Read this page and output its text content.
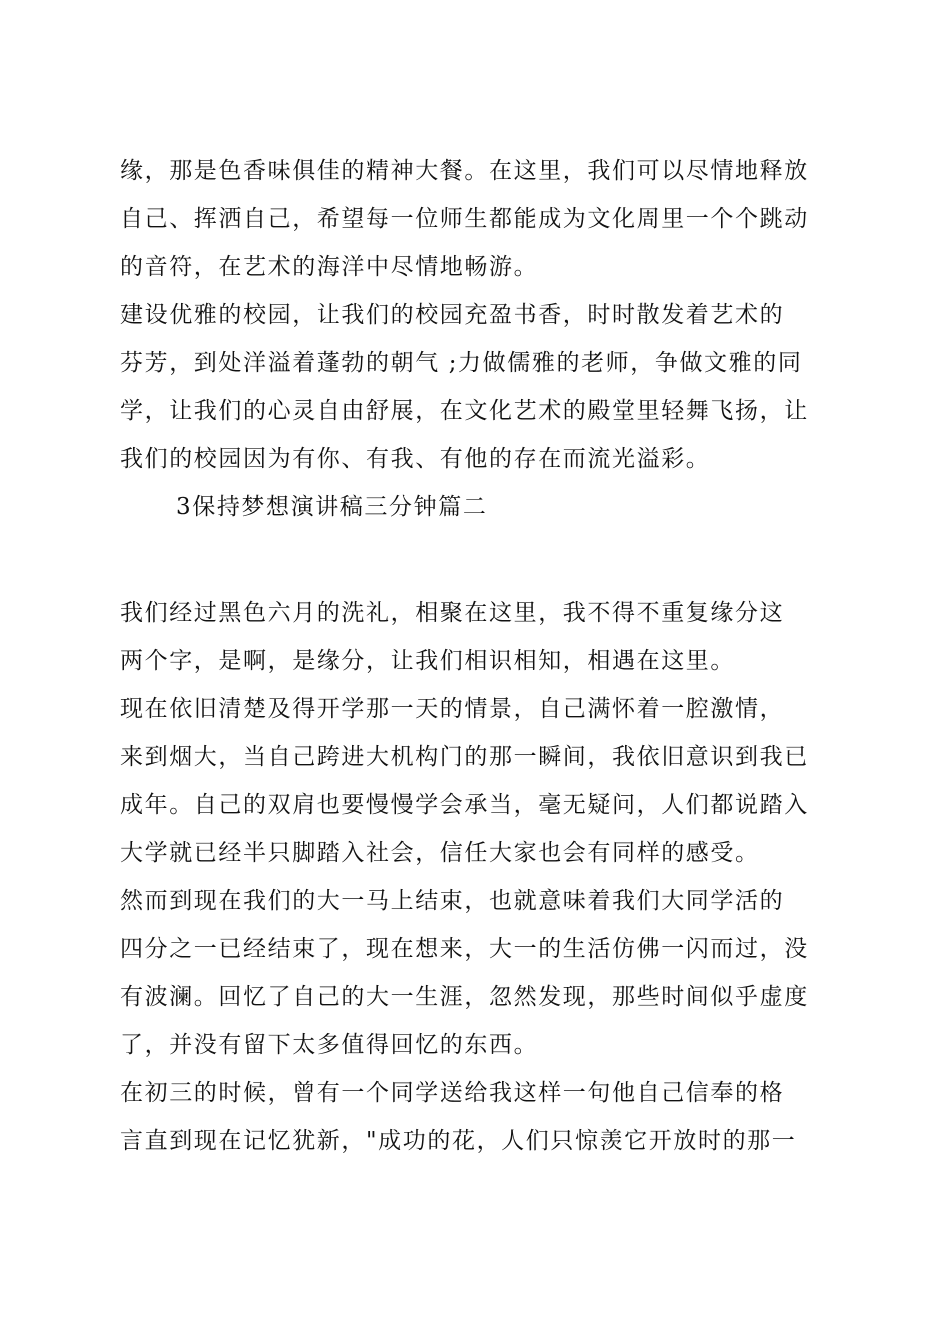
缘，那是色香味俱佳的精神大餐。在这里，我们可以尽情地释放
自己、挥洒自己，希望每一位师生都能成为文化周里一个个跳动
的音符，在艺术的海洋中尽情地畅游。
建设优雅的校园，让我们的校园充盈书香，时时散发着艺术的
芬芳，到处洋溢着蓬勃的朝气 ;力做儒雅的老师，争做文雅的同
学，让我们的心灵自由舒展，在文化艺术的殿堂里轻舞飞扬，让
我们的校园因为有你、有我、有他的存在而流光溢彩。
3保持梦想演讲稿三分钟篇二
我们经过黑色六月的洗礼，相聚在这里，我不得不重复缘分这
两个字，是啊，是缘分，让我们相识相知，相遇在这里。
现在依旧清楚及得开学那一天的情景，自己满怀着一腔激情，
来到烟大，当自己跨进大机构门的那一瞬间，我依旧意识到我已
成年。自己的双肩也要慢慢学会承当，毫无疑问，人们都说踏入
大学就已经半只脚踏入社会，信任大家也会有同样的感受。
然而到现在我们的大一马上结束，也就意味着我们大同学活的
四分之一已经结束了，现在想来，大一的生活仿佛一闪而过，没
有波澜。回忆了自己的大一生涯，忽然发现，那些时间似乎虚度
了，并没有留下太多值得回忆的东西。
在初三的时候，曾有一个同学送给我这样一句他自己信奉的格
言直到现在记忆犹新，"成功的花，人们只惊羡它开放时的那一
